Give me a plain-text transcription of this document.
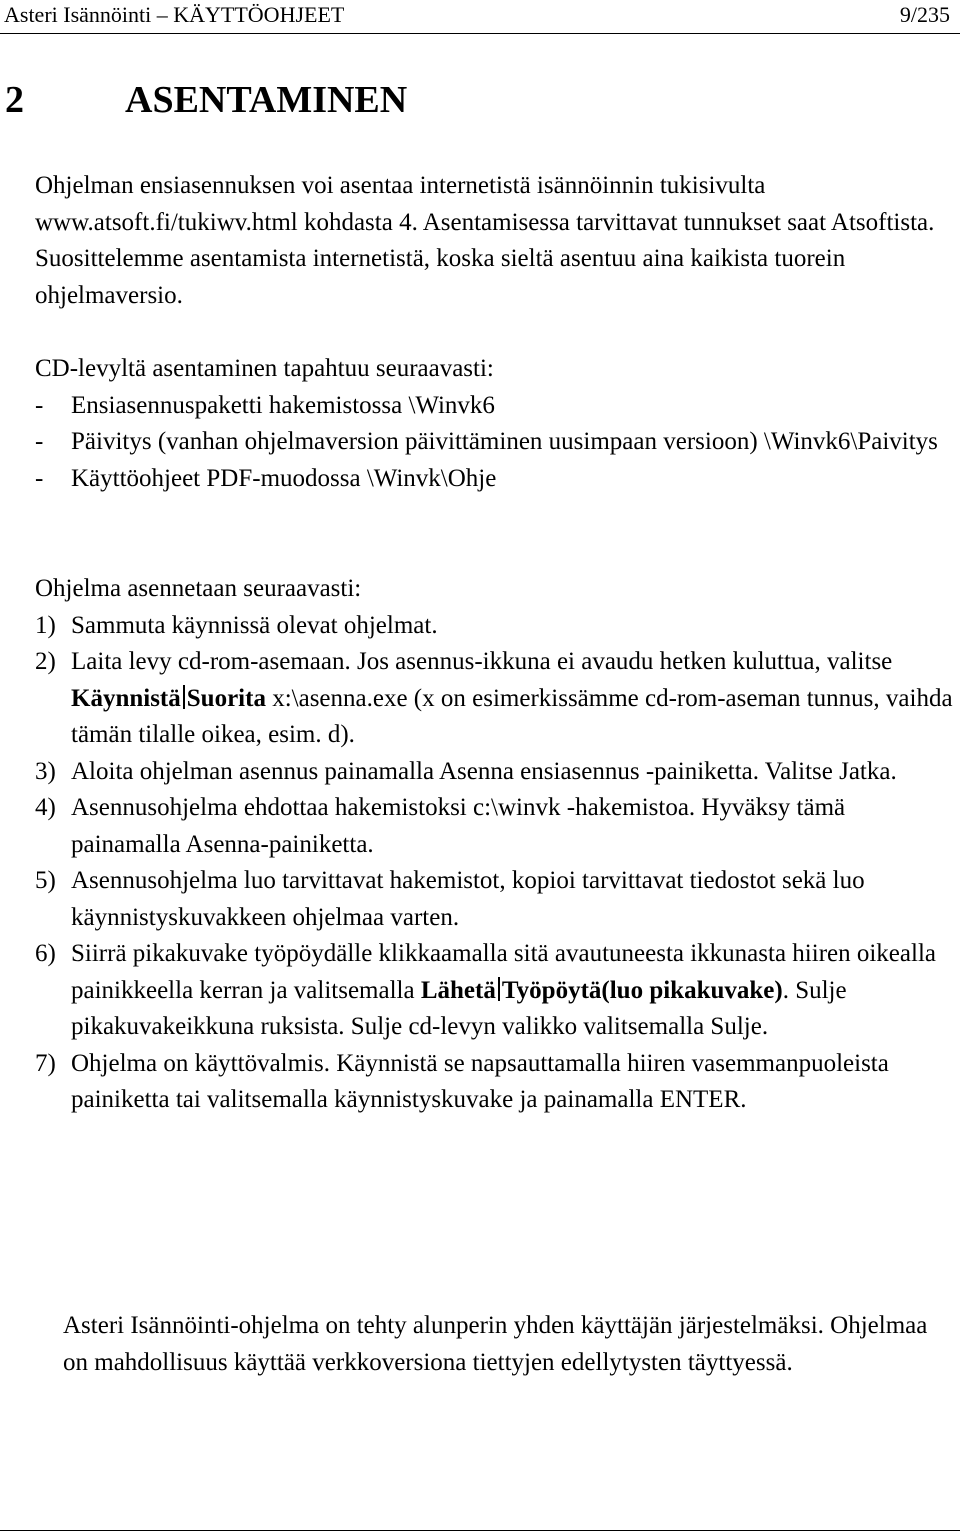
Asteri Isännöinti – KÄYTTÖOHJEET	9/235
2	ASENTAMINEN

Ohjelman ensiasennuksen voi asentaa internetistä isännöinnin tukisivulta www.atsoft.fi/tukiwv.html kohdasta 4. Asentamisessa tarvittavat tunnukset saat Atsoftista. Suosittelemme asentamista internetistä, koska sieltä asentuu aina kaikista tuorein ohjelmaversio.

CD-levyltä asentaminen tapahtuu seuraavasti:
-	Ensiasennuspaketti hakemistossa \Winvk6
-	Päivitys (vanhan ohjelmaversion päivittäminen uusimpaan versioon) \Winvk6\Paivitys
-	Käyttöohjeet PDF-muodossa \Winvk\Ohje
Ohjelma asennetaan seuraavasti:
1) Sammuta käynnissä olevat ohjelmat.
2) Laita levy cd-rom-asemaan. Jos asennus-ikkuna ei avaudu hetken kuluttua, valitse Käynnistä Suorita x:\asenna.exe (x on esimerkissämme cd-rom-aseman tunnus, vaihda tämän tilalle oikea, esim. d).
3) Aloita ohjelman asennus painamalla Asenna ensiasennus -painiketta. Valitse Jatka.
4) Asennusohjelma ehdottaa hakemistoksi c:\winvk -hakemistoa. Hyväksy tämä painamalla Asenna-painiketta.
5) Asennusohjelma luo tarvittavat hakemistot, kopioi tarvittavat tiedostot sekä luo käynnistyskuvakkeen ohjelmaa varten.
6) Siirrä pikakuvake työpöydälle klikkaamalla sitä avautuneesta ikkunasta hiiren oikealla painikkeella kerran ja valitsemalla Lähetä Työpöytä(luo pikakuvake). Sulje pikakuvakeikkuna ruksista. Sulje cd-levyn valikko valitsemalla Sulje.
7) Ohjelma on käyttövalmis. Käynnistä se napsauttamalla hiiren vasemmanpuoleista painiketta tai valitsemalla käynnistyskuvake ja painamalla ENTER.

Asteri Isännöinti-ohjelma on tehty alunperin yhden käyttäjän järjestelmäksi. Ohjelmaa on mahdollisuus käyttää verkkoversiona tiettyjen edellytysten täyttyessä.
